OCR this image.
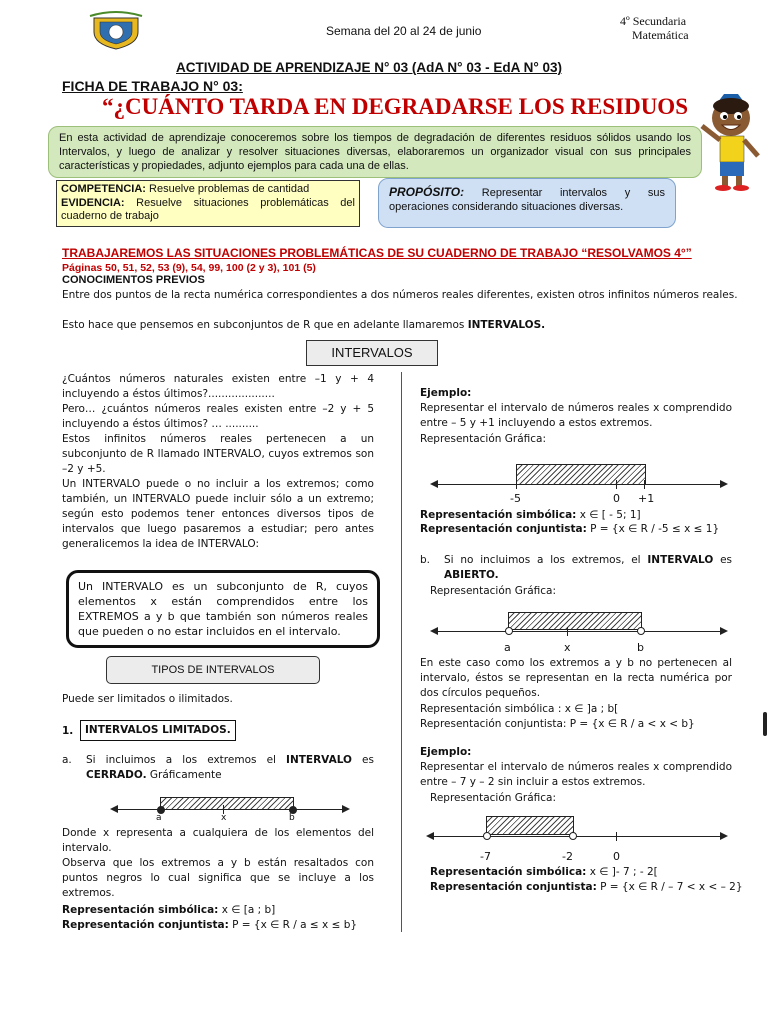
Semana del 20 al 24 de junio
4º Secundaria
Matemática
ACTIVIDAD DE APRENDIZAJE N° 03 (AdA N° 03 - EdA N° 03)
FICHA DE TRABAJO N° 03:
“¿CUÁNTO TARDA EN DEGRADARSE LOS RESIDUOS
En esta actividad de aprendizaje conoceremos sobre los tiempos de degradación de diferentes residuos sólidos usando los Intervalos, y luego de analizar y resolver situaciones diversas, elaboraremos un organizador visual con sus principales características y propiedades, adjunto ejemplos para cada una de ellas.
COMPETENCIA: Resuelve problemas de cantidad
EVIDENCIA: Resuelve situaciones problemáticas del cuaderno de trabajo
PROPÓSITO: Representar intervalos y sus operaciones considerando situaciones diversas.
TRABAJAREMOS LAS SITUACIONES PROBLEMÁTICAS DE SU CUADERNO DE TRABAJO “RESOLVAMOS 4°”
Páginas 50, 51, 52, 53 (9), 54, 99, 100 (2 y 3), 101 (5)
CONOCIMENTOS PREVIOS
Entre dos puntos de la recta numérica correspondientes a dos números reales diferentes, existen otros infinitos números reales.
Esto hace que pensemos en subconjuntos de R que en adelante llamaremos INTERVALOS.
INTERVALOS
¿Cuántos números naturales existen entre –1 y + 4 incluyendo a éstos últimos?....................
Pero… ¿cuántos números reales existen entre –2 y + 5 incluyendo a éstos últimos? … ..........
Estos infinitos números reales pertenecen a un subconjunto de R llamado INTERVALO, cuyos extremos son –2 y +5.
Un INTERVALO puede o no incluir a los extremos; como también, un INTERVALO puede incluir sólo a un extremo; según esto podemos tener entonces diversos tipos de intervalos que luego pasaremos a estudiar; pero antes generalicemos la idea de INTERVALO:
Un INTERVALO es un subconjunto de R, cuyos elementos x están comprendidos entre los EXTREMOS a y b que también son números reales que pueden o no estar incluidos en el intervalo.
TIPOS DE INTERVALOS
Puede ser limitados o ilimitados.
1.	INTERVALOS LIMITADOS.
a. Si incluimos a los extremos el INTERVALO es CERRADO. Gráficamente
a	x	b
Donde x representa a cualquiera de los elementos del intervalo.
Observa que los extremos a y b están resaltados con puntos negros lo cual significa que se incluye a los extremos.
Representación simbólica: x ∈ [a ; b]
Representación conjuntista: P = {x ∈ R / a ≤ x ≤ b}
Ejemplo:
Representar el intervalo de números reales x comprendido entre – 5 y +1 incluyendo a estos extremos.
Representación Gráfica:
-5	0 +1
Representación simbólica: x ∈ [ - 5; 1]
Representación conjuntista: P = {x ∈ R / -5 ≤ x ≤ 1}
b. Si no incluimos a los extremos, el INTERVALO es ABIERTO.
Representación Gráfica:
a	x	b
En este caso como los extremos a y b no pertenecen al intervalo, éstos se representan en la recta numérica por dos círculos pequeños.
Representación simbólica : x ∈ ]a ; b[
Representación conjuntista: P = {x ∈ R / a < x < b}
Ejemplo:
Representar el intervalo de números reales x comprendido entre – 7 y – 2 sin incluir a estos extremos.
Representación Gráfica:
-7	-2	0
Representación simbólica: x ∈ ]- 7 ; - 2[
Representación conjuntista: P = {x ∈ R / – 7 < x < – 2}
